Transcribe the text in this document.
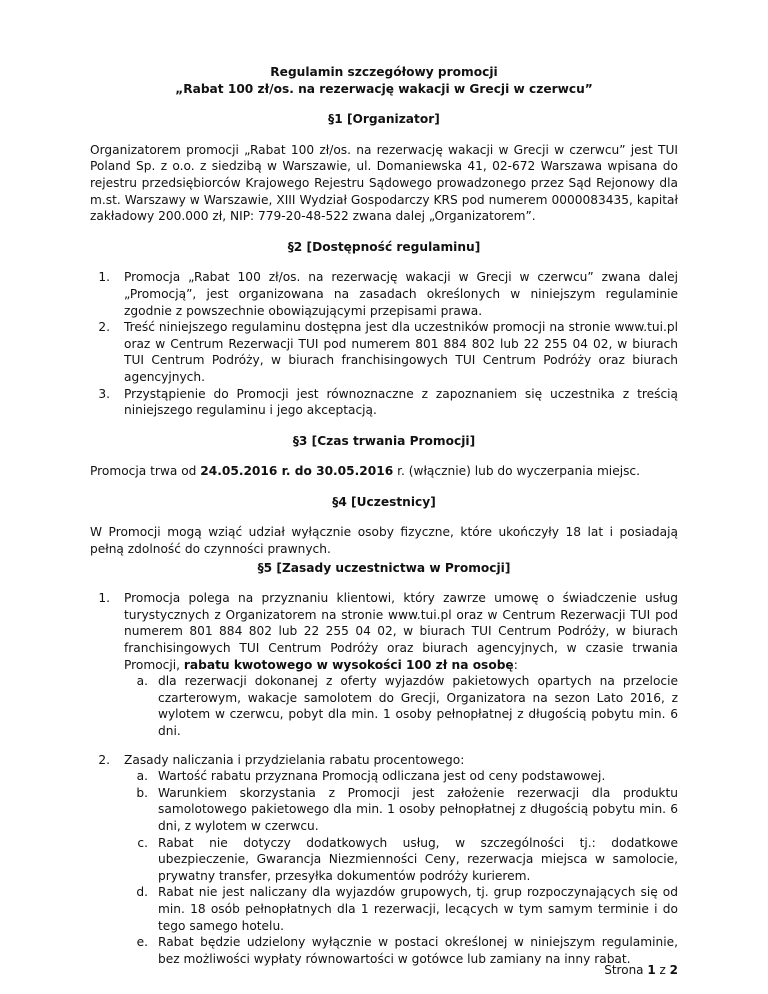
Regulamin szczegółowy promocji
„Rabat 100 zł/os. na rezerwację wakacji w Grecji w czerwcu”
§1 [Organizator]

Organizatorem promocji „Rabat 100 zł/os. na rezerwację wakacji w Grecji w czerwcu” jest TUI Poland Sp. z o.o. z siedzibą w Warszawie, ul. Domaniewska 41, 02-672 Warszawa wpisana do rejestru przedsiębiorców Krajowego Rejestru Sądowego prowadzonego przez Sąd Rejonowy dla m.st. Warszawy w Warszawie, XIII Wydział Gospodarczy KRS pod numerem 0000083435, kapitał zakładowy 200.000 zł, NIP: 779-20-48-522 zwana dalej „Organizatorem”.

§2 [Dostępność regulaminu]
1. Promocja „Rabat 100 zł/os. na rezerwację wakacji w Grecji w czerwcu” zwana dalej „Promocją”, jest organizowana na zasadach określonych w niniejszym regulaminie zgodnie z powszechnie obowiązującymi przepisami prawa.
2. Treść niniejszego regulaminu dostępna jest dla uczestników promocji na stronie www.tui.pl oraz w Centrum Rezerwacji TUI pod numerem 801 884 802 lub 22 255 04 02, w biurach TUI Centrum Podróży, w biurach franchisingowych TUI Centrum Podróży oraz biurach agencyjnych.
3. Przystąpienie do Promocji jest równoznaczne z zapoznaniem się uczestnika z treścią niniejszego regulaminu i jego akceptacją.
§3 [Czas trwania Promocji]

Promocja trwa od 24.05.2016 r. do 30.05.2016 r. (włącznie) lub do wyczerpania miejsc.

§4 [Uczestnicy]

W Promocji mogą wziąć udział wyłącznie osoby fizyczne, które ukończyły 18 lat i posiadają pełną zdolność do czynności prawnych.

§5 [Zasady uczestnictwa w Promocji]
1. Promocja polega na przyznaniu klientowi, który zawrze umowę o świadczenie usług turystycznych z Organizatorem na stronie www.tui.pl oraz w Centrum Rezerwacji TUI pod numerem 801 884 802 lub 22 255 04 02, w biurach TUI Centrum Podróży, w biurach franchisingowych TUI Centrum Podróży oraz biurach agencyjnych, w czasie trwania Promocji, rabatu kwotowego w wysokości 100 zł na osobę:
a. dla rezerwacji dokonanej z oferty wyjazdów pakietowych opartych na przelocie czarterowym, wakacje samolotem do Grecji, Organizatora na sezon Lato 2016, z wylotem w czerwcu, pobyt dla min. 1 osoby pełnopłatnej z długością pobytu min. 6 dni.
2. Zasady naliczania i przydzielania rabatu procentowego:
a. Wartość rabatu przyznana Promocją odliczana jest od ceny podstawowej.
b. Warunkiem skorzystania z Promocji jest założenie rezerwacji dla produktu samolotowego pakietowego dla min. 1 osoby pełnopłatnej z długością pobytu min. 6 dni, z wylotem w czerwcu.
c. Rabat nie dotyczy dodatkowych usług, w szczególności tj.: dodatkowe ubezpieczenie, Gwarancja Niezmienności Ceny, rezerwacja miejsca w samolocie, prywatny transfer, przesyłka dokumentów podróży kurierem.
d. Rabat nie jest naliczany dla wyjazdów grupowych, tj. grup rozpoczynających się od min. 18 osób pełnopłatnych dla 1 rezerwacji, lecących w tym samym terminie i do tego samego hotelu.
e. Rabat będzie udzielony wyłącznie w postaci określonej w niniejszym regulaminie, bez możliwości wypłaty równowartości w gotówce lub zamiany na inny rabat.
Strona 1 z 2
